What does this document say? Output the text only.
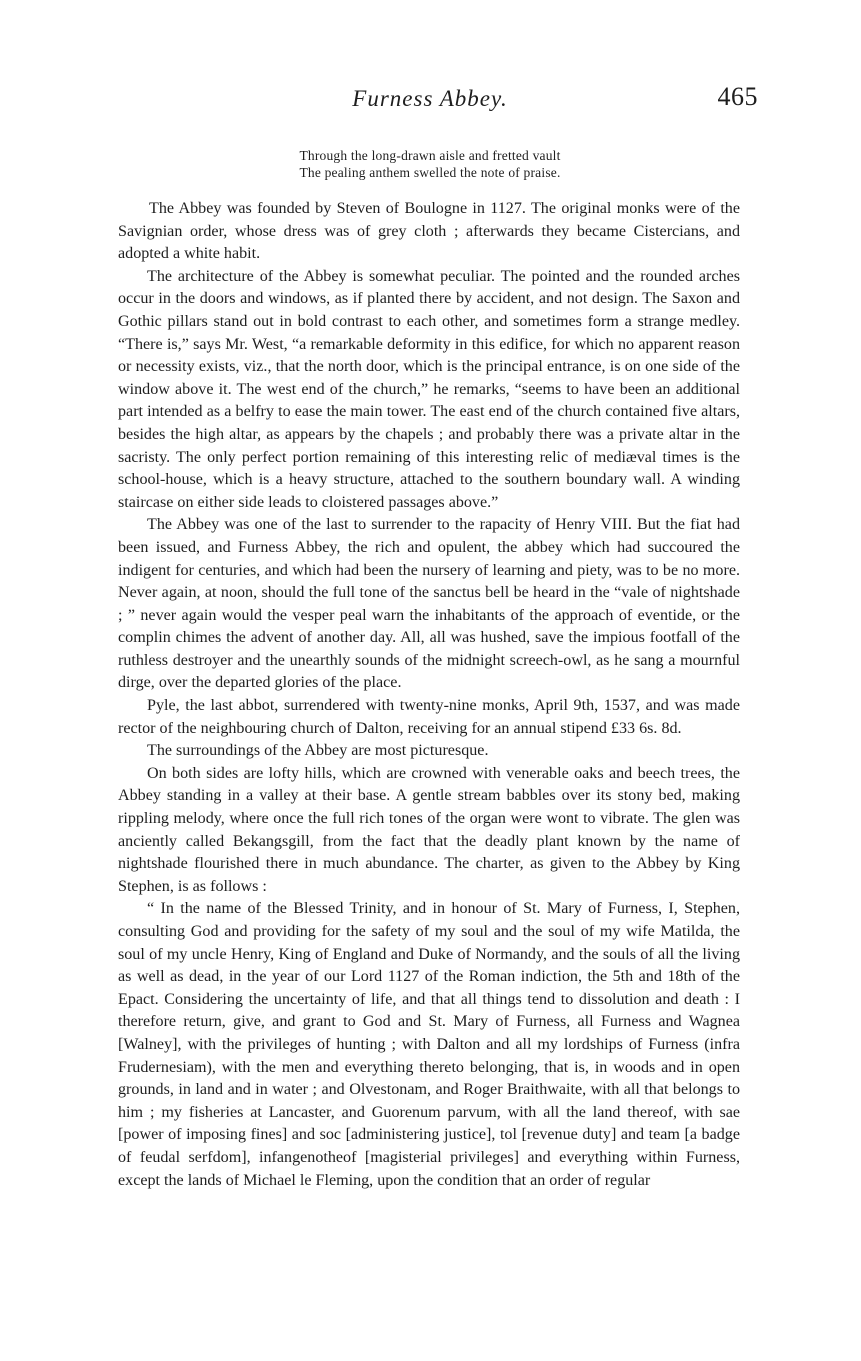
Furness Abbey.	465
Through the long-drawn aisle and fretted vault
The pealing anthem swelled the note of praise.

The Abbey was founded by Steven of Boulogne in 1127. The original monks were of the Savignian order, whose dress was of grey cloth ; afterwards they became Cistercians, and adopted a white habit.

The architecture of the Abbey is somewhat peculiar. The pointed and the rounded arches occur in the doors and windows, as if planted there by accident, and not design. The Saxon and Gothic pillars stand out in bold contrast to each other, and sometimes form a strange medley. “There is,” says Mr. West, “a remarkable deformity in this edifice, for which no apparent reason or necessity exists, viz., that the north door, which is the principal entrance, is on one side of the window above it. The west end of the church,” he remarks, “seems to have been an additional part intended as a belfry to ease the main tower. The east end of the church contained five altars, besides the high altar, as appears by the chapels ; and probably there was a private altar in the sacristy. The only perfect portion remaining of this interesting relic of mediæval times is the school-house, which is a heavy structure, attached to the southern boundary wall. A winding staircase on either side leads to cloistered passages above.”

The Abbey was one of the last to surrender to the rapacity of Henry VIII. But the fiat had been issued, and Furness Abbey, the rich and opulent, the abbey which had succoured the indigent for centuries, and which had been the nursery of learning and piety, was to be no more. Never again, at noon, should the full tone of the sanctus bell be heard in the “vale of nightshade ; ” never again would the vesper peal warn the inhabitants of the approach of eventide, or the complin chimes the advent of another day. All, all was hushed, save the impious footfall of the ruthless destroyer and the unearthly sounds of the midnight screech-owl, as he sang a mournful dirge, over the departed glories of the place.

Pyle, the last abbot, surrendered with twenty-nine monks, April 9th, 1537, and was made rector of the neighbouring church of Dalton, receiving for an annual stipend £33 6s. 8d.

The surroundings of the Abbey are most picturesque.

On both sides are lofty hills, which are crowned with venerable oaks and beech trees, the Abbey standing in a valley at their base. A gentle stream babbles over its stony bed, making rippling melody, where once the full rich tones of the organ were wont to vibrate. The glen was anciently called Bekangsgill, from the fact that the deadly plant known by the name of nightshade flourished there in much abundance. The charter, as given to the Abbey by King Stephen, is as follows :

“ In the name of the Blessed Trinity, and in honour of St. Mary of Furness, I, Stephen, consulting God and providing for the safety of my soul and the soul of my wife Matilda, the soul of my uncle Henry, King of England and Duke of Normandy, and the souls of all the living as well as dead, in the year of our Lord 1127 of the Roman indiction, the 5th and 18th of the Epact. Considering the uncertainty of life, and that all things tend to dissolution and death : I therefore return, give, and grant to God and St. Mary of Furness, all Furness and Wagnea [Walney], with the privileges of hunting ; with Dalton and all my lordships of Furness (infra Frudernesiam), with the men and everything thereto belonging, that is, in woods and in open grounds, in land and in water ; and Olvestonam, and Roger Braithwaite, with all that belongs to him ; my fisheries at Lancaster, and Guorenum parvum, with all the land thereof, with sae [power of imposing fines] and soc [administering justice], tol [revenue duty] and team [a badge of feudal serfdom], infangenotheof [magisterial privileges] and everything within Furness, except the lands of Michael le Fleming, upon the condition that an order of regular
